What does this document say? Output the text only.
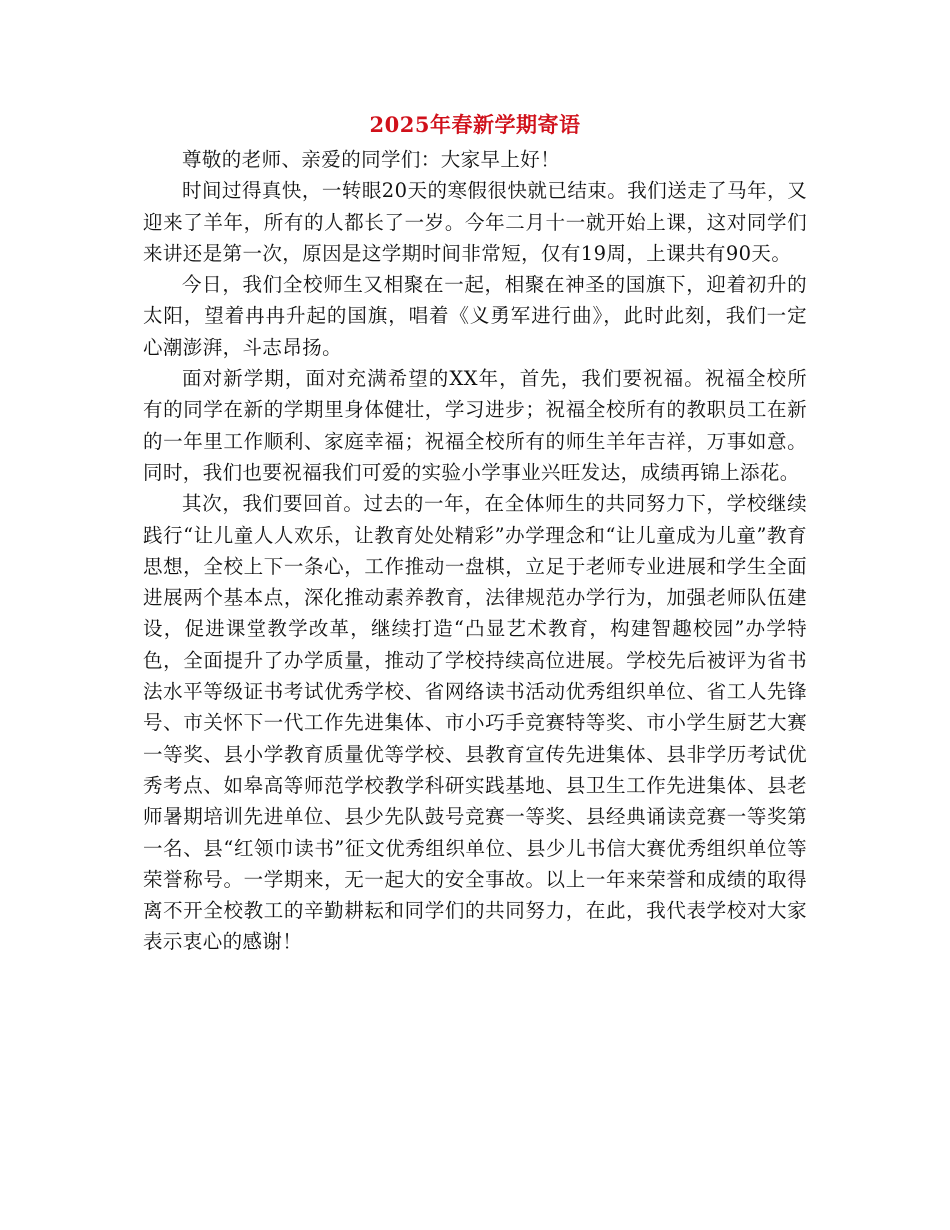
2025年春新学期寄语

尊敬的老师、亲爱的同学们：大家早上好！

时间过得真快，一转眼20天的寒假很快就已结束。我们送走了马年，又迎来了羊年，所有的人都长了一岁。今年二月十一就开始上课，这对同学们来讲还是第一次，原因是这学期时间非常短，仅有19周，上课共有90天。

今日，我们全校师生又相聚在一起，相聚在神圣的国旗下，迎着初升的太阳，望着冉冉升起的国旗，唱着《义勇军进行曲》，此时此刻，我们一定心潮澎湃，斗志昂扬。

面对新学期，面对充满希望的XX年，首先，我们要祝福。祝福全校所有的同学在新的学期里身体健壮，学习进步；祝福全校所有的教职员工在新的一年里工作顺利、家庭幸福；祝福全校所有的师生羊年吉祥，万事如意。同时，我们也要祝福我们可爱的实验小学事业兴旺发达，成绩再锦上添花。

其次，我们要回首。过去的一年，在全体师生的共同努力下，学校继续践行“让儿童人人欢乐，让教育处处精彩”办学理念和“让儿童成为儿童”教育思想，全校上下一条心，工作推动一盘棋，立足于老师专业进展和学生全面进展两个基本点，深化推动素养教育，法律规范办学行为，加强老师队伍建设，促进课堂教学改革，继续打造“凸显艺术教育，构建智趣校园”办学特色，全面提升了办学质量，推动了学校持续高位进展。学校先后被评为省书法水平等级证书考试优秀学校、省网络读书活动优秀组织单位、省工人先锋号、市关怀下一代工作先进集体、市小巧手竞赛特等奖、市小学生厨艺大赛一等奖、县小学教育质量优等学校、县教育宣传先进集体、县非学历考试优秀考点、如皋高等师范学校教学科研实践基地、县卫生工作先进集体、县老师暑期培训先进单位、县少先队鼓号竞赛一等奖、县经典诵读竞赛一等奖第一名、县“红领巾读书”征文优秀组织单位、县少儿书信大赛优秀组织单位等荣誉称号。一学期来，无一起大的安全事故。以上一年来荣誉和成绩的取得离不开全校教工的辛勤耕耘和同学们的共同努力，在此，我代表学校对大家表示衷心的感谢！
